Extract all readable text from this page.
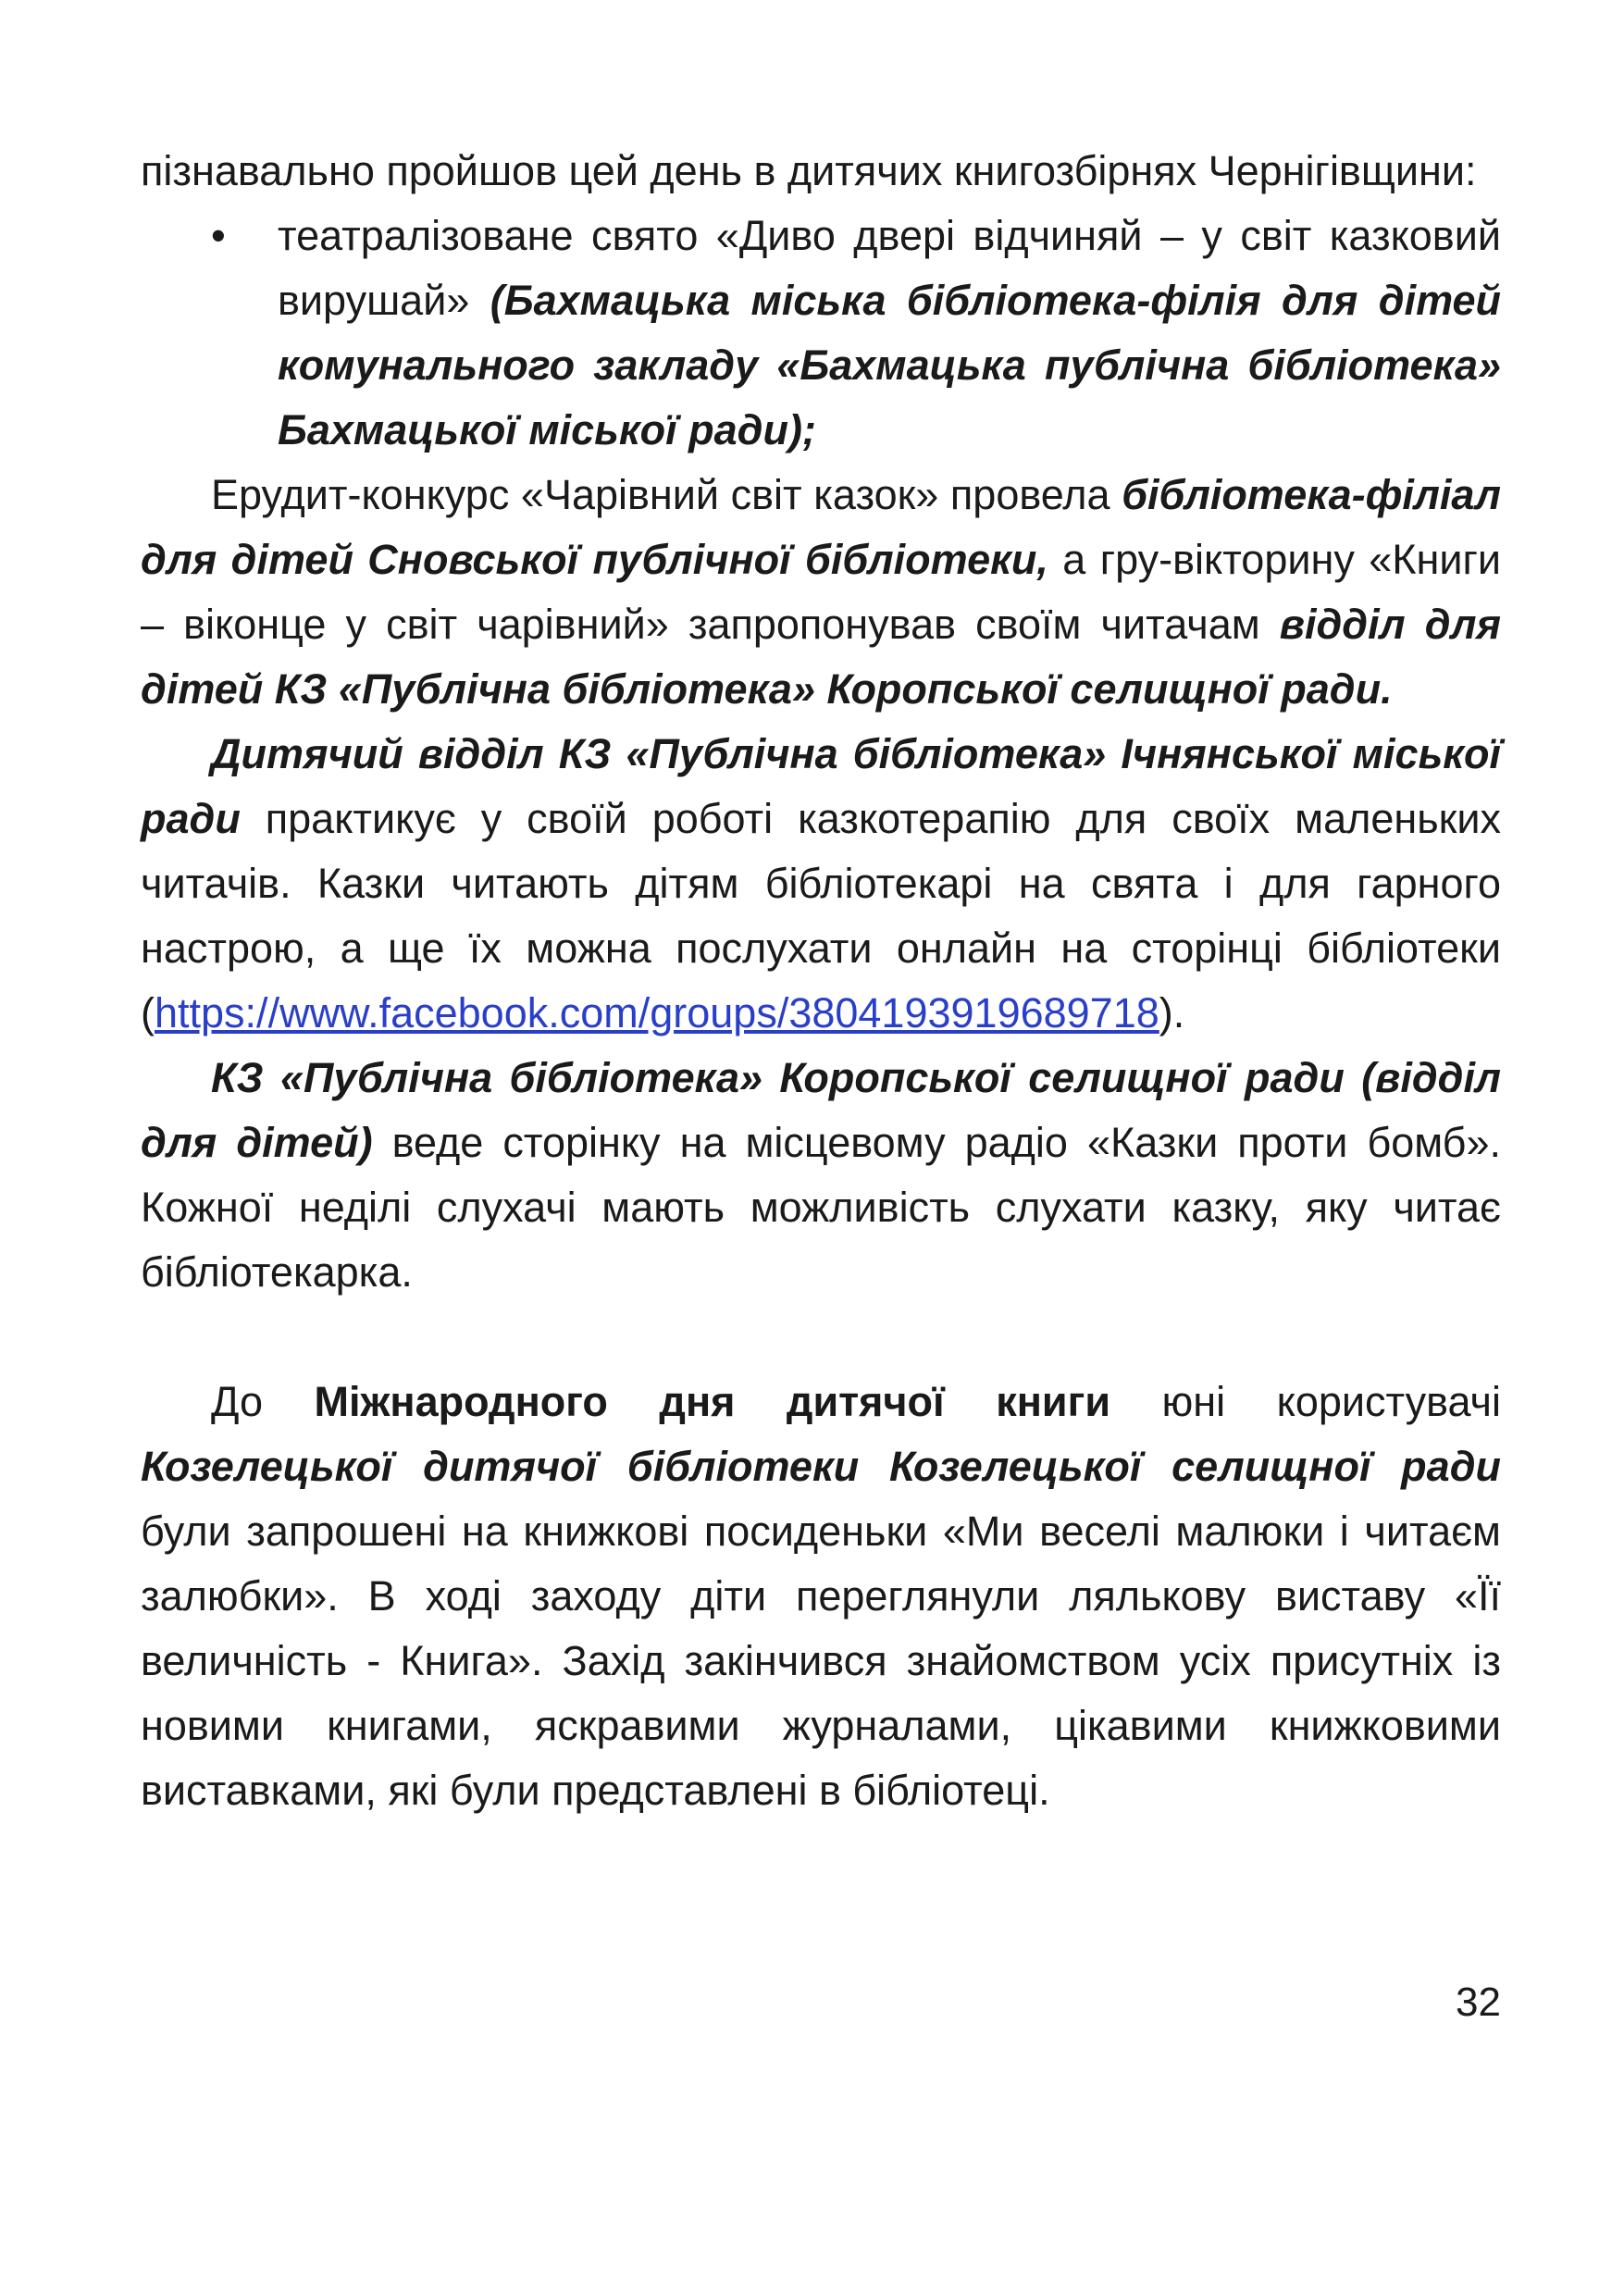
пізнавально пройшов цей день в дитячих книгозбірнях Чернігівщини:

• театралізоване свято «Диво двері відчиняй – у світ казковий вирушай» (Бахмацька міська бібліотека-філія для дітей комунального закладу «Бахмацька публічна бібліотека» Бахмацької міської ради);

Ерудит-конкурс «Чарівний світ казок» провела бібліотека-філіал для дітей Сновської публічної бібліотеки, а гру-вікторину «Книги – віконце у світ чарівний» запропонував своїм читачам відділ для дітей КЗ «Публічна бібліотека» Коропської селищної ради.

Дитячий відділ КЗ «Публічна бібліотека» Ічнянської міської ради практикує у своїй роботі казкотерапію для своїх маленьких читачів. Казки читають дітям бібліотекарі на свята і для гарного настрою, а ще їх можна послухати онлайн на сторінці бібліотеки (https://www.facebook.com/groups/3804193919689718).

КЗ «Публічна бібліотека» Коропської селищної ради (відділ для дітей) веде сторінку на місцевому радіо «Казки проти бомб». Кожної неділі слухачі мають можливість слухати казку, яку читає бібліотекарка.

До Міжнародного дня дитячої книги юні користувачі Козелецької дитячої бібліотеки Козелецької селищної ради були запрошені на книжкові посиденьки «Ми веселі малюки і читаєм залюбки». В ході заходу діти переглянули лялькову виставу «Її величність - Книга». Захід закінчився знайомством усіх присутніх із новими книгами, яскравими журналами, цікавими книжковими виставками, які були представлені в бібліотеці.

32
